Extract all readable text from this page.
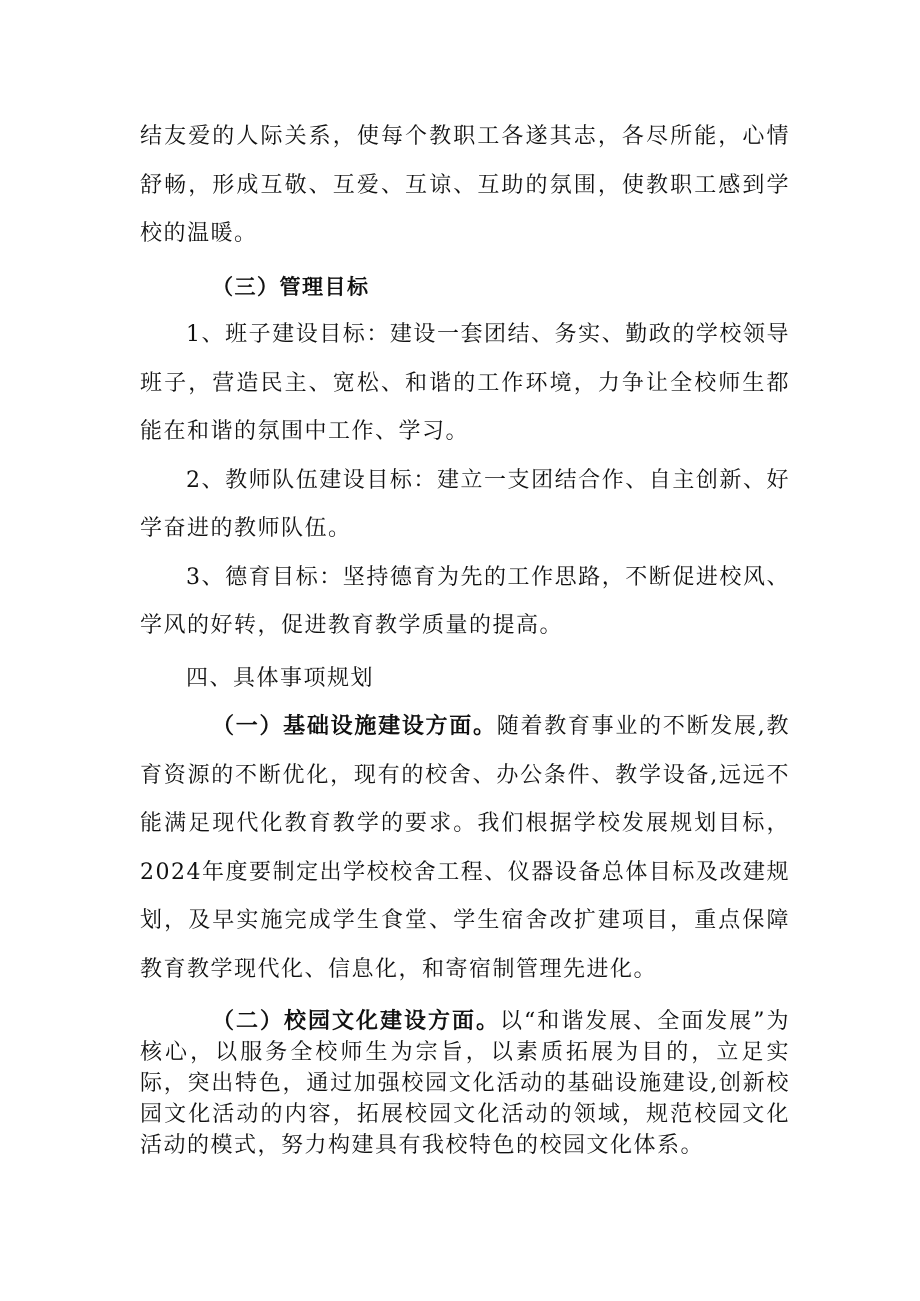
结友爱的人际关系，使每个教职工各遂其志，各尽所能，心情舒畅，形成互敬、互爱、互谅、互助的氛围，使教职工感到学校的温暖。

（三）管理目标

1、班子建设目标：建设一套团结、务实、勤政的学校领导班子，营造民主、宽松、和谐的工作环境，力争让全校师生都能在和谐的氛围中工作、学习。

2、教师队伍建设目标：建立一支团结合作、自主创新、好学奋进的教师队伍。

3、德育目标：坚持德育为先的工作思路，不断促进校风、学风的好转，促进教育教学质量的提高。

四、具体事项规划

（一）基础设施建设方面。随着教育事业的不断发展,教育资源的不断优化，现有的校舍、办公条件、教学设备,远远不能满足现代化教育教学的要求。我们根据学校发展规划目标，2024年度要制定出学校校舍工程、仪器设备总体目标及改建规划，及早实施完成学生食堂、学生宿舍改扩建项目，重点保障教育教学现代化、信息化，和寄宿制管理先进化。

（二）校园文化建设方面。以“和谐发展、全面发展”为核心，以服务全校师生为宗旨，以素质拓展为目的，立足实际，突出特色，通过加强校园文化活动的基础设施建设,创新校园文化活动的内容，拓展校园文化活动的领域，规范校园文化活动的模式，努力构建具有我校特色的校园文化体系。
